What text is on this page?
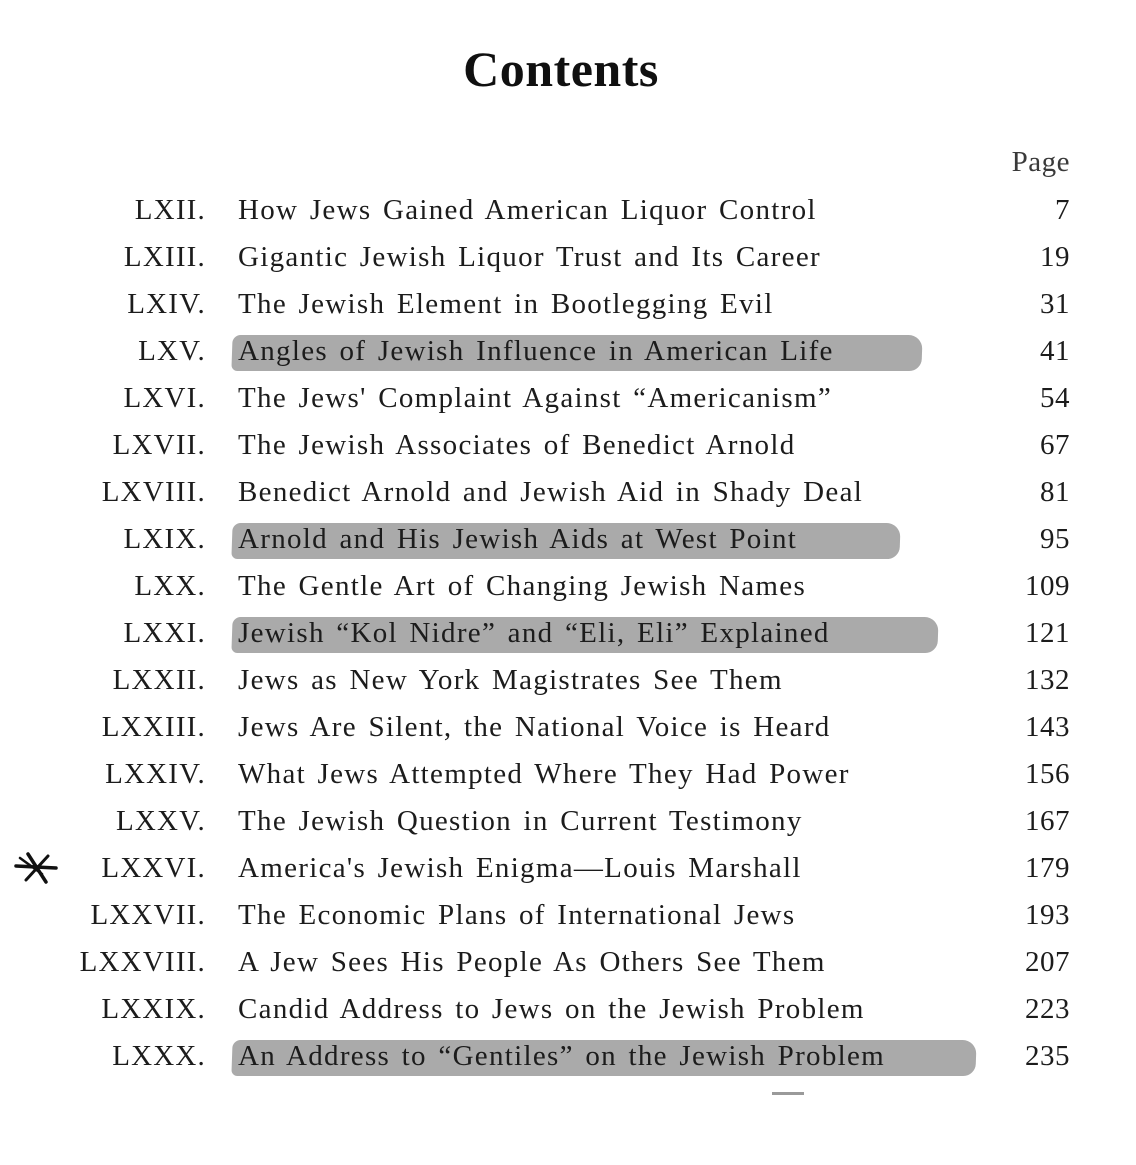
Contents
Page
LXII. How Jews Gained American Liquor Control	7
LXIII. Gigantic Jewish Liquor Trust and Its Career	19
LXIV. The Jewish Element in Bootlegging Evil	31
LXV. Angles of Jewish Influence in American Life	41
LXVI. The Jews' Complaint Against “Americanism”	54
LXVII. The Jewish Associates of Benedict Arnold	67
LXVIII. Benedict Arnold and Jewish Aid in Shady Deal	81
LXIX. Arnold and His Jewish Aids at West Point	95
LXX. The Gentle Art of Changing Jewish Names	109
LXXI. Jewish “Kol Nidre” and “Eli, Eli” Explained	121
LXXII. Jews as New York Magistrates See Them	132
LXXIII. Jews Are Silent, the National Voice is Heard	143
LXXIV. What Jews Attempted Where They Had Power	156
LXXV. The Jewish Question in Current Testimony	167
LXXVI. America's Jewish Enigma—Louis Marshall	179
LXXVII. The Economic Plans of International Jews	193
LXXVIII. A Jew Sees His People As Others See Them	207
LXXIX. Candid Address to Jews on the Jewish Problem	223
LXXX. An Address to “Gentiles” on the Jewish Problem	235
